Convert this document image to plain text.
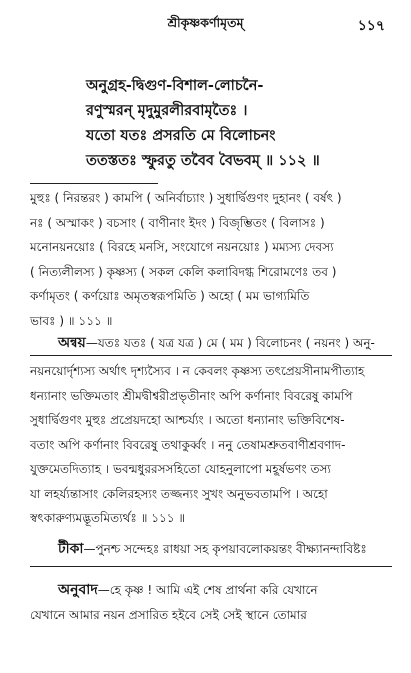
শ্রীকৃষ্ণকর্ণামৃতম্‌	১১৭
অনুগ্রহ-দ্বিগুণ-বিশাল-লোচনৈ-
রণুস্মরন্‌ মৃদুমুরলীরবামৃতৈঃ ।
যতো যতঃ প্রসরতি মে বিলোচনং
ততস্ততঃ স্ফুরতু তবৈব বৈভবম্‌ ॥ ১১২ ॥
মুহুঃ ( নিরন্তরং ) কামপি ( অনির্বাচ্যাং ) সুধার্দ্বিগুণং দুহানং ( বর্ষৎ )
নঃ ( অস্মাকং ) বচসাং ( বাণীনাং ইদং ) বিজৃম্ভিতং ( বিলাসঃ )
মনোনয়নয়োঃ ( বিরহে মনসি, সংযোগে নয়নয়োঃ ) মম্যস্য দেবস্য
( নিত্যলীলস্য ) কৃষ্ণস্য ( সকল কেলি কলাবিদগ্ধ শিরোমণেঃ তব )
কর্ণামৃতং ( কর্ণয়োঃ অমৃতস্বরূপমিতি ) অহো ( মম ভাগ্যমিতি
ভাবঃ ) ॥ ১১১ ॥
অন্বয়—যতঃ যতঃ ( যত্র যত্র ) মে ( মম ) বিলোচনং ( নয়নং ) অনু-
নয়নয়োর্দৃশ্যস্য অর্থাৎ দৃশ্যস্যৈব । ন কেবলং কৃষ্ণস্য তৎপ্রেয়সীনামপীত্যাহ
ধন্যানাং ভক্তিমতাং শ্রীমদ্বীশ্বরীপ্রভৃতীনাং অপি কর্ণানাং বিবরেষু কামপি
সুধার্দ্বিগুণং মুহুঃ প্রপ্রেয়দহো আশ্চর্য্যং । অতো ধন্যানাং ভক্তিবিশেষ-
বতাং অপি কর্ণানাং বিবরেষু তথাকুর্ব্বং । ননু তেষামশ্রুতবাণীশ্রবণাদ-
যুক্তমেতদিত্যাহ । ভবন্মধুররসসহিতো যোহনুলাপো মহূর্ষভণং তস্য
যা লহর্য্যন্তাসাং কেলিরহস্যং তজ্জন্যং সুখং অনুভবতামপি । অহো
স্বৎকারুণ্যমদ্ভূতমিত্যর্থঃ ॥ ১১১ ॥
টীকা—পুনশ্চ সন্দেহঃ রাধয়া সহ কৃপয়াবলোকয়ন্তং বীক্ষ্যানন্দাবিষ্টঃ
অনুবাদ—হে কৃষ্ণ ! আমি এই শেষ প্রার্থনা করি যেখানে
যেখানে আমার নয়ন প্রসারিত হইবে সেই সেই স্থানে তোমার
